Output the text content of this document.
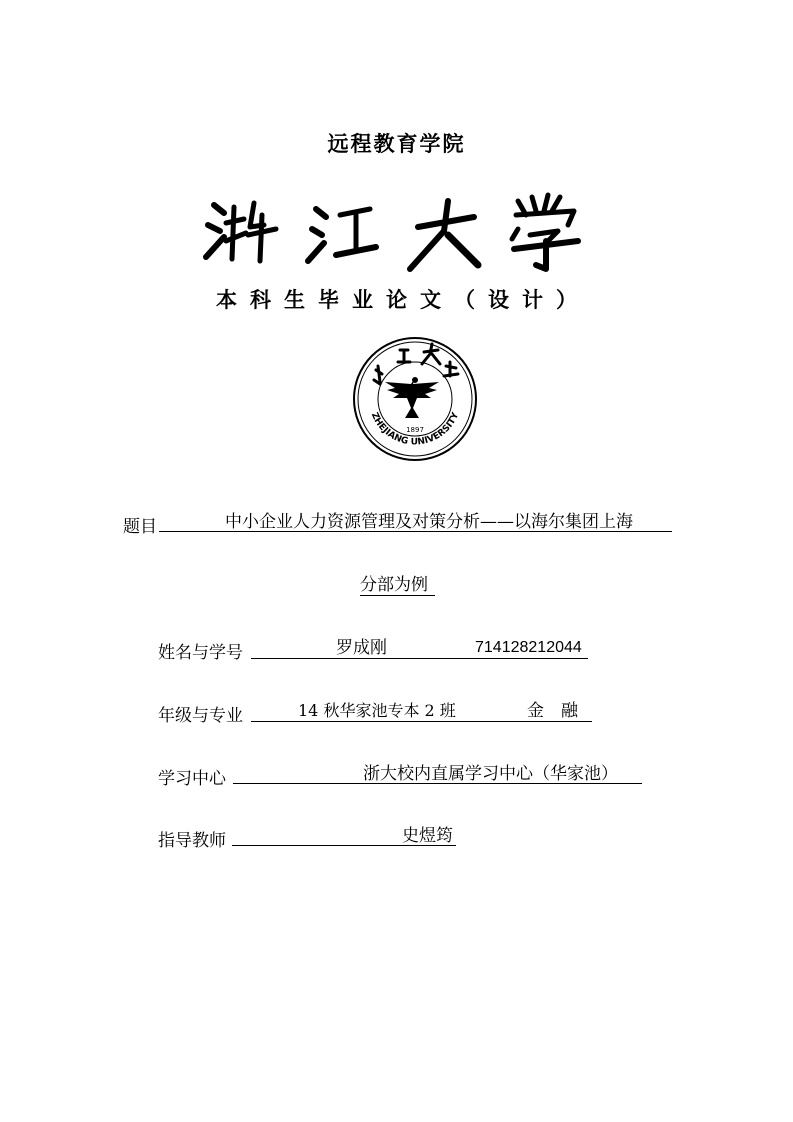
远程教育学院
本科生毕业论文（设计）
1897
ZHEJIANG UNIVERSITY
题目	中小企业人力资源管理及对策分析——以海尔集团上海
分部为例
姓名与学号	罗成刚	714128212044
年级与专业	14 秋华家池专本 2 班	金　融
学习中心	浙大校内直属学习中心（华家池）
指导教师	史煜筠
